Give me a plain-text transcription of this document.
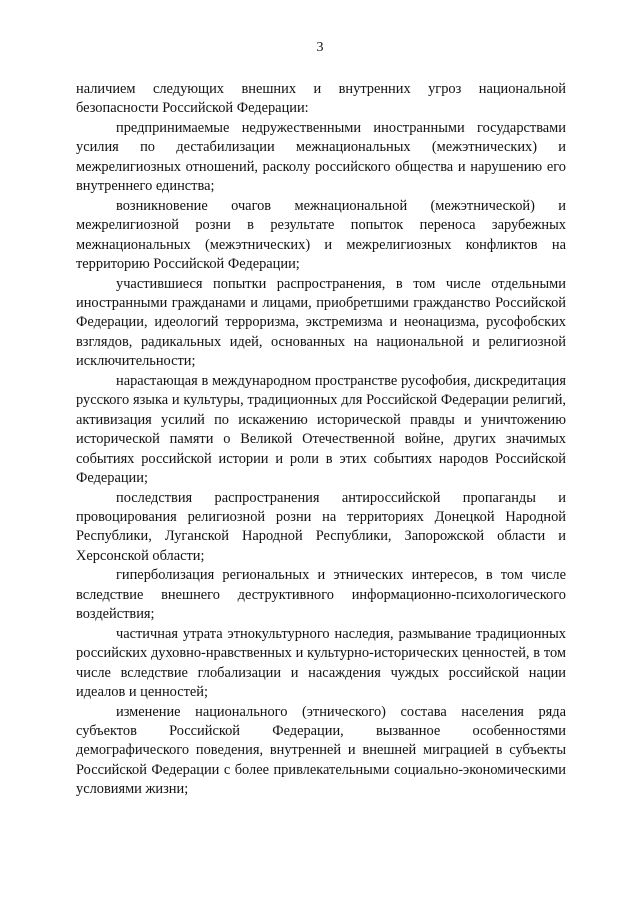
3

наличием следующих внешних и внутренних угроз национальной безопасности Российской Федерации:

предпринимаемые недружественными иностранными государствами усилия по дестабилизации межнациональных (межэтнических) и межрелигиозных отношений, расколу российского общества и нарушению его внутреннего единства;

возникновение очагов межнациональной (межэтнической) и межрелигиозной розни в результате попыток переноса зарубежных межнациональных (межэтнических) и межрелигиозных конфликтов на территорию Российской Федерации;

участившиеся попытки распространения, в том числе отдельными иностранными гражданами и лицами, приобретшими гражданство Российской Федерации, идеологий терроризма, экстремизма и неонацизма, русофобских взглядов, радикальных идей, основанных на национальной и религиозной исключительности;

нарастающая в международном пространстве русофобия, дискредитация русского языка и культуры, традиционных для Российской Федерации религий, активизация усилий по искажению исторической правды и уничтожению исторической памяти о Великой Отечественной войне, других значимых событиях российской истории и роли в этих событиях народов Российской Федерации;

последствия распространения антироссийской пропаганды и провоцирования религиозной розни на территориях Донецкой Народной Республики, Луганской Народной Республики, Запорожской области и Херсонской области;

гиперболизация региональных и этнических интересов, в том числе вследствие внешнего деструктивного информационно-психологического воздействия;

частичная утрата этнокультурного наследия, размывание традиционных российских духовно-нравственных и культурно-исторических ценностей, в том числе вследствие глобализации и насаждения чуждых российской нации идеалов и ценностей;

изменение национального (этнического) состава населения ряда субъектов Российской Федерации, вызванное особенностями демографического поведения, внутренней и внешней миграцией в субъекты Российской Федерации с более привлекательными социально-экономическими условиями жизни;
